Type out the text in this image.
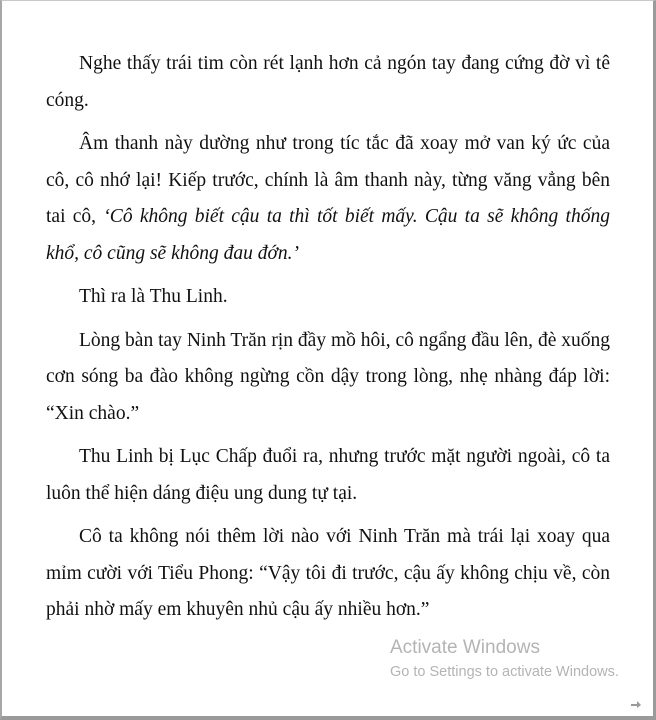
Nghe thấy trái tim còn rét lạnh hơn cả ngón tay đang cứng đờ vì tê cóng.

Âm thanh này dường như trong tíc tắc đã xoay mở van ký ức của cô, cô nhớ lại! Kiếp trước, chính là âm thanh này, từng văng vẳng bên tai cô, ‘Cô không biết cậu ta thì tốt biết mấy. Cậu ta sẽ không thống khổ, cô cũng sẽ không đau đớn.’

Thì ra là Thu Linh.

Lòng bàn tay Ninh Trăn rịn đầy mồ hôi, cô ngẩng đầu lên, đè xuống cơn sóng ba đào không ngừng cồn dậy trong lòng, nhẹ nhàng đáp lời: “Xin chào.”

Thu Linh bị Lục Chấp đuổi ra, nhưng trước mặt người ngoài, cô ta luôn thể hiện dáng điệu ung dung tự tại.

Cô ta không nói thêm lời nào với Ninh Trăn mà trái lại xoay qua mỉm cười với Tiểu Phong: “Vậy tôi đi trước, cậu ấy không chịu về, còn phải nhờ mấy em khuyên nhủ cậu ấy nhiều hơn.”

Activate Windows
Go to Settings to activate Windows.
